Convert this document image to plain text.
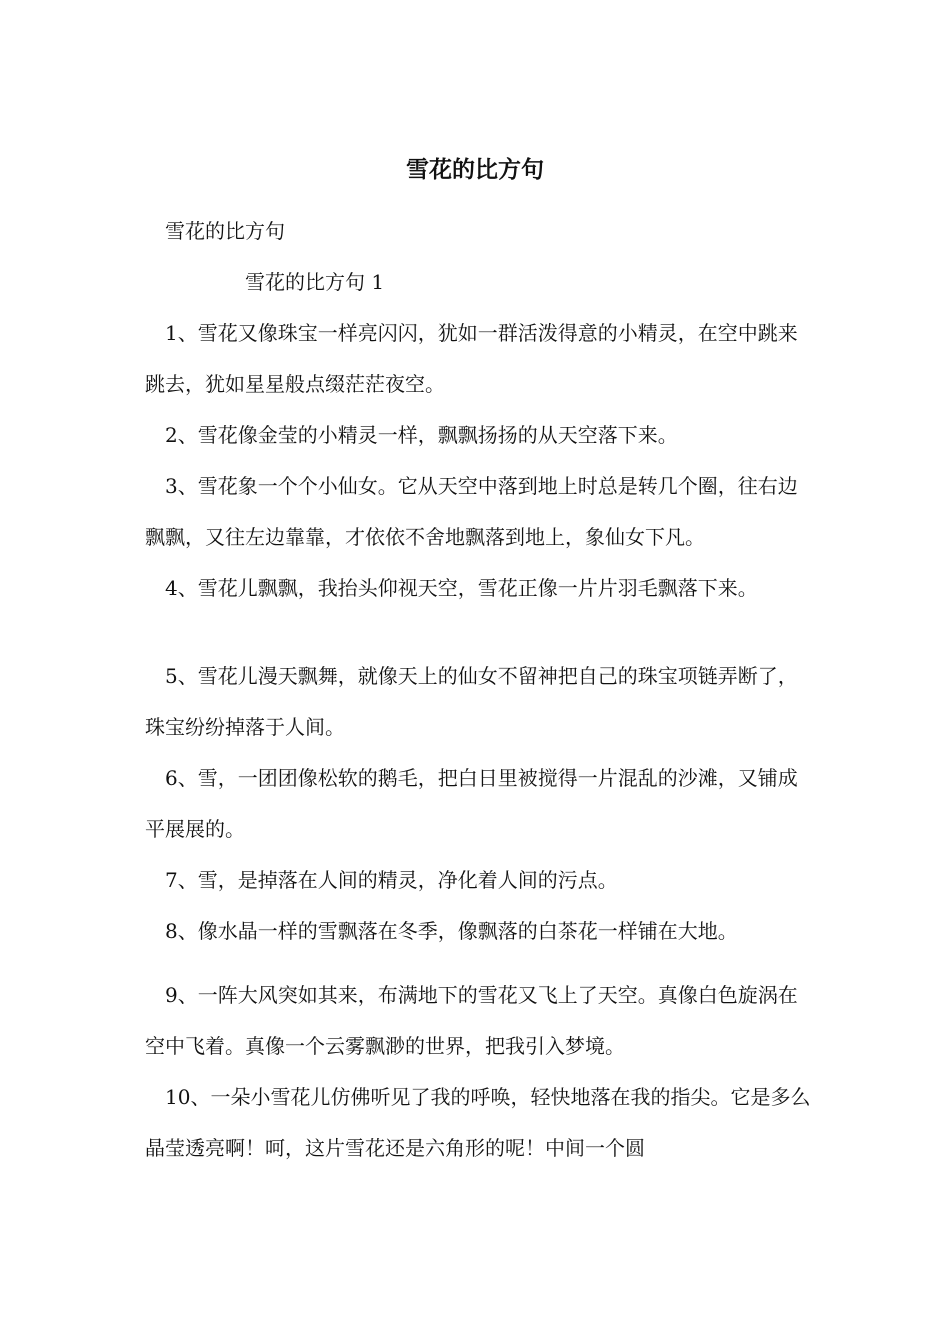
雪花的比方句

雪花的比方句

雪花的比方句 1

1、雪花又像珠宝一样亮闪闪，犹如一群活泼得意的小精灵，在空中跳来跳去，犹如星星般点缀茫茫夜空。

2、雪花像金莹的小精灵一样，飘飘扬扬的从天空落下来。

3、雪花象一个个小仙女。它从天空中落到地上时总是转几个圈，往右边飘飘，又往左边靠靠，才依依不舍地飘落到地上，象仙女下凡。

4、雪花儿飘飘，我抬头仰视天空，雪花正像一片片羽毛飘落下来。

5、雪花儿漫天飘舞，就像天上的仙女不留神把自己的珠宝项链弄断了，珠宝纷纷掉落于人间。

6、雪，一团团像松软的鹅毛，把白日里被搅得一片混乱的沙滩，又铺成平展展的。

7、雪，是掉落在人间的精灵，净化着人间的污点。

8、像水晶一样的雪飘落在冬季，像飘落的白茶花一样铺在大地。

9、一阵大风突如其来，布满地下的雪花又飞上了天空。真像白色旋涡在空中飞着。真像一个云雾飘渺的世界，把我引入梦境。

10、一朵小雪花儿仿佛听见了我的呼唤，轻快地落在我的指尖。它是多么晶莹透亮啊！呵，这片雪花还是六角形的呢！中间一个圆
